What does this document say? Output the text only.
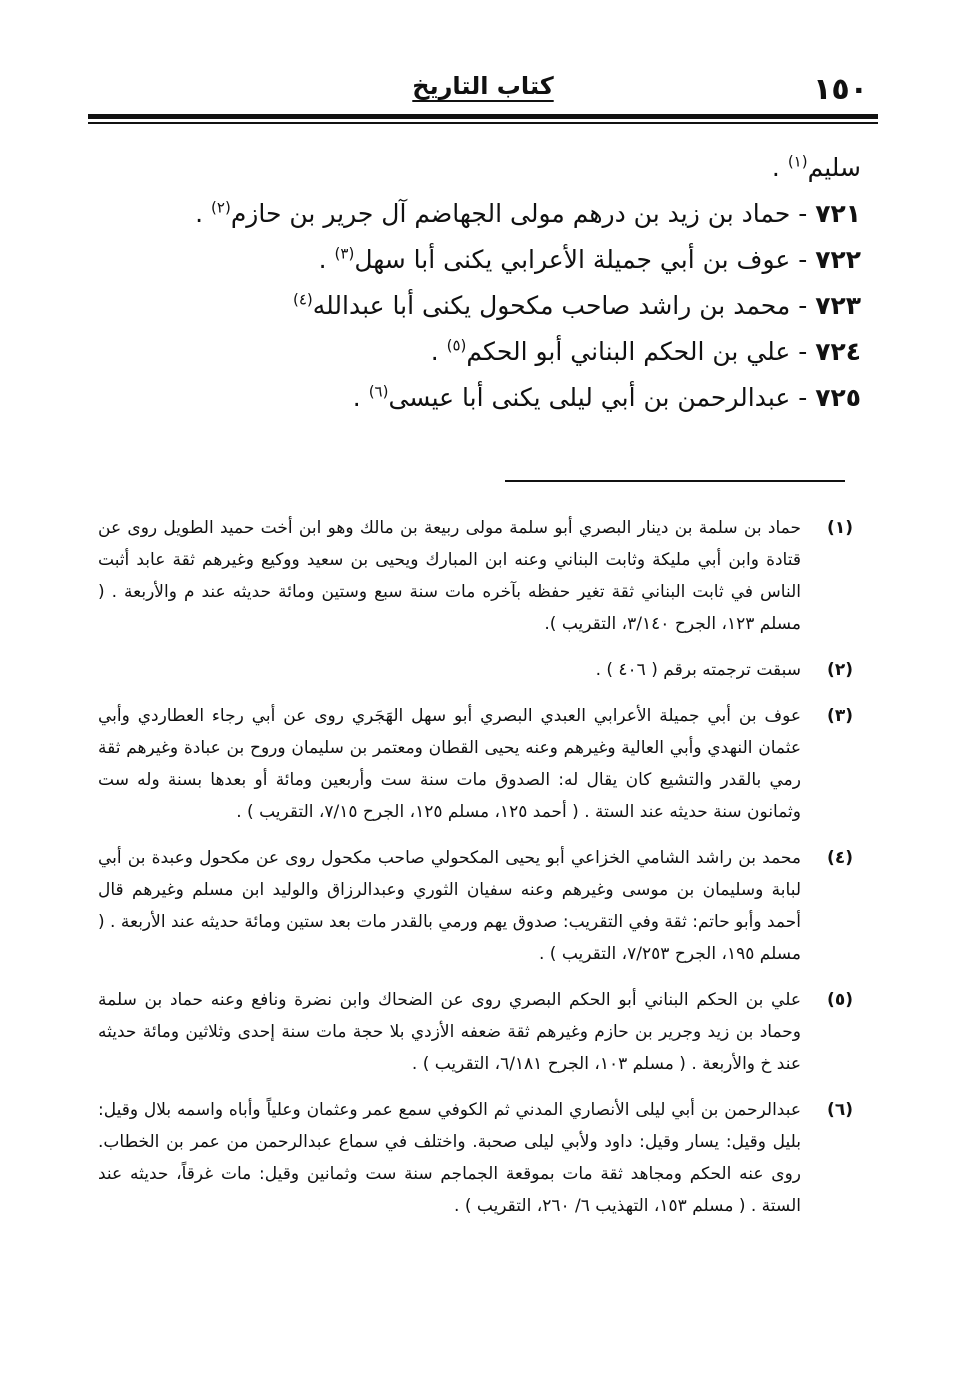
١٥٠
كتاب التاريخ
سليم$^{(١)}$ .
٧٢١ - حماد بن زيد بن درهم مولى الجهاضم آل جرير بن حازم$^{(٢)}$ .
٧٢٢ - عوف بن أبي جميلة الأعرابي يكنى أبا سهل$^{(٣)}$ .
٧٢٣ - محمد بن راشد صاحب مكحول يكنى أبا عبدالله$^{(٤)}$
٧٢٤ - علي بن الحكم البناني أبو الحكم$^{(٥)}$ .
٧٢٥ - عبدالرحمن بن أبي ليلى يكنى أبا عيسى$^{(٦)}$ .
(١)
حماد بن سلمة بن دينار البصري أبو سلمة مولى ربيعة بن مالك وهو ابن أخت حميد الطويل روى عن قتادة وابن أبي مليكة وثابت البناني وعنه ابن المبارك ويحيى بن سعيد ووكيع وغيرهم ثقة عابد أثبت الناس في ثابت البناني ثقة تغير حفظه بآخره مات سنة سبع وستين ومائة حديثه عند م والأربعة . ( مسلم ١٢٣، الجرح ٣/١٤٠، التقريب ).
(٢)
سبقت ترجمته برقم ( ٤٠٦ ) .
(٣)
عوف بن أبي جميلة الأعرابي العبدي البصري أبو سهل الهَجَري روى عن أبي رجاء العطاردي وأبي عثمان النهدي وأبي العالية وغيرهم وعنه يحيى القطان ومعتمر بن سليمان وروح بن عبادة وغيرهم ثقة رمي بالقدر والتشيع كان يقال له: الصدوق مات سنة ست وأربعين ومائة أو بعدها بسنة وله ست وثمانون سنة حديثه عند الستة . ( أحمد ١٢٥، مسلم ١٢٥، الجرح ٧/١٥، التقريب ) .
(٤)
محمد بن راشد الشامي الخزاعي أبو يحيى المكحولي صاحب مكحول روى عن مكحول وعبدة بن أبي لبابة وسليمان بن موسى وغيرهم وعنه سفيان الثوري وعبدالرزاق والوليد ابن مسلم وغيرهم قال أحمد وأبو حاتم: ثقة وفي التقريب: صدوق يهم ورمي بالقدر مات بعد ستين ومائة حديثه عند الأربعة . ( مسلم ١٩٥، الجرح ٧/٢٥٣، التقريب ) .
(٥)
علي بن الحكم البناني أبو الحكم البصري روى عن الضحاك وابن نضرة ونافع وعنه حماد بن سلمة وحماد بن زيد وجرير بن حازم وغيرهم ثقة ضعفه الأزدي بلا حجة مات سنة إحدى وثلاثين ومائة حديثه عند خ والأربعة . ( مسلم ١٠٣، الجرح ٦/١٨١، التقريب ) .
(٦)
عبدالرحمن بن أبي ليلى الأنصاري المدني ثم الكوفي سمع عمر وعثمان وعلياً وأباه واسمه بلال وقيل: بليل وقيل: يسار وقيل: داود ولأبي ليلى صحبة. واختلف في سماع عبدالرحمن من عمر بن الخطاب. روى عنه الحكم ومجاهد ثقة مات بموقعة الجماجم سنة ست وثمانين وقيل: مات غرقاً، حديثه عند الستة . ( مسلم ١٥٣، التهذيب ٦/ ٢٦٠، التقريب ) .
